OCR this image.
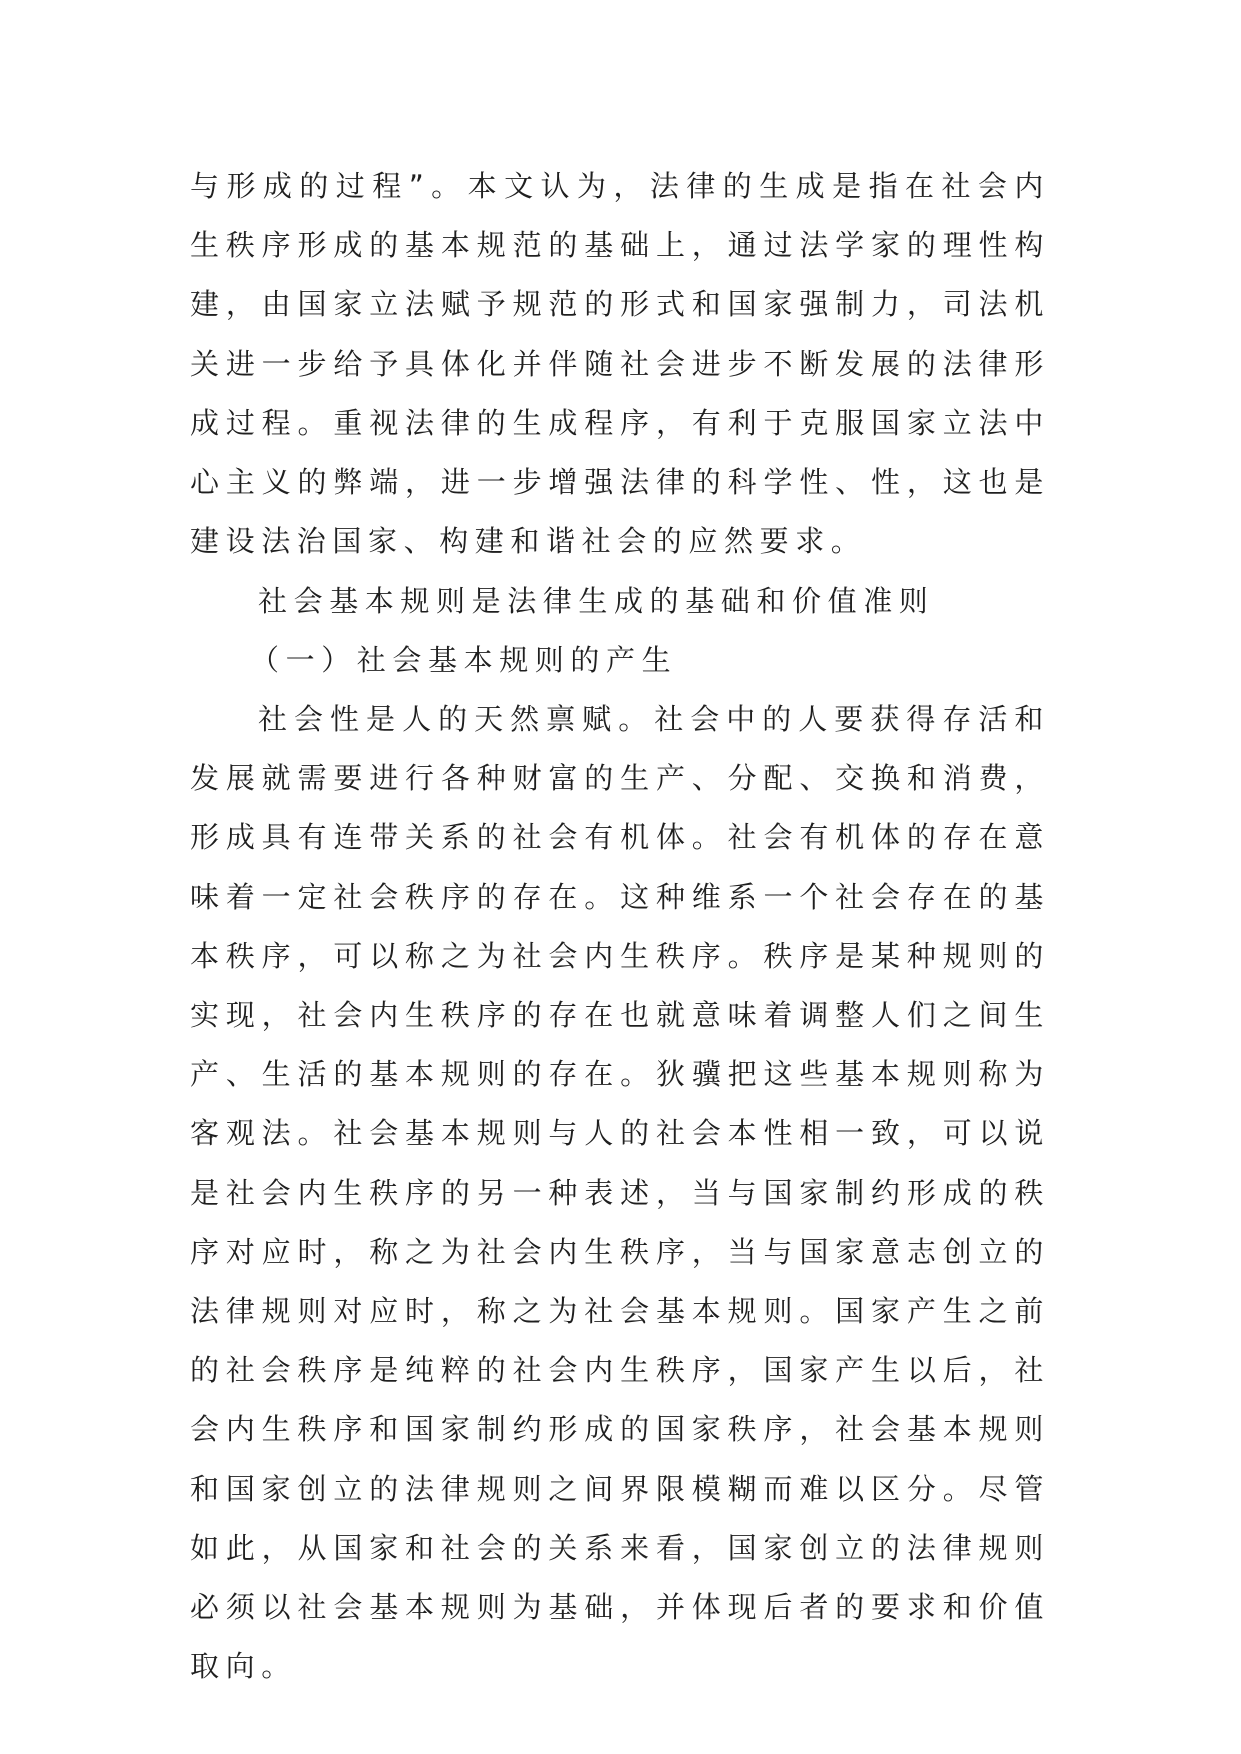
与形成的过程”。本文认为，法律的生成是指在社会内生秩序形成的基本规范的基础上，通过法学家的理性构建，由国家立法赋予规范的形式和国家强制力，司法机关进一步给予具体化并伴随社会进步不断发展的法律形成过程。重视法律的生成程序，有利于克服国家立法中心主义的弊端，进一步增强法律的科学性、性，这也是建设法治国家、构建和谐社会的应然要求。

社会基本规则是法律生成的基础和价值准则

（一）社会基本规则的产生

社会性是人的天然禀赋。社会中的人要获得存活和发展就需要进行各种财富的生产、分配、交换和消费，形成具有连带关系的社会有机体。社会有机体的存在意味着一定社会秩序的存在。这种维系一个社会存在的基本秩序，可以称之为社会内生秩序。秩序是某种规则的实现，社会内生秩序的存在也就意味着调整人们之间生产、生活的基本规则的存在。狄骥把这些基本规则称为客观法。社会基本规则与人的社会本性相一致，可以说是社会内生秩序的另一种表述，当与国家制约形成的秩序对应时，称之为社会内生秩序，当与国家意志创立的法律规则对应时，称之为社会基本规则。国家产生之前的社会秩序是纯粹的社会内生秩序，国家产生以后，社会内生秩序和国家制约形成的国家秩序，社会基本规则和国家创立的法律规则之间界限模糊而难以区分。尽管如此，从国家和社会的关系来看，国家创立的法律规则必须以社会基本规则为基础，并体现后者的要求和价值取向。
